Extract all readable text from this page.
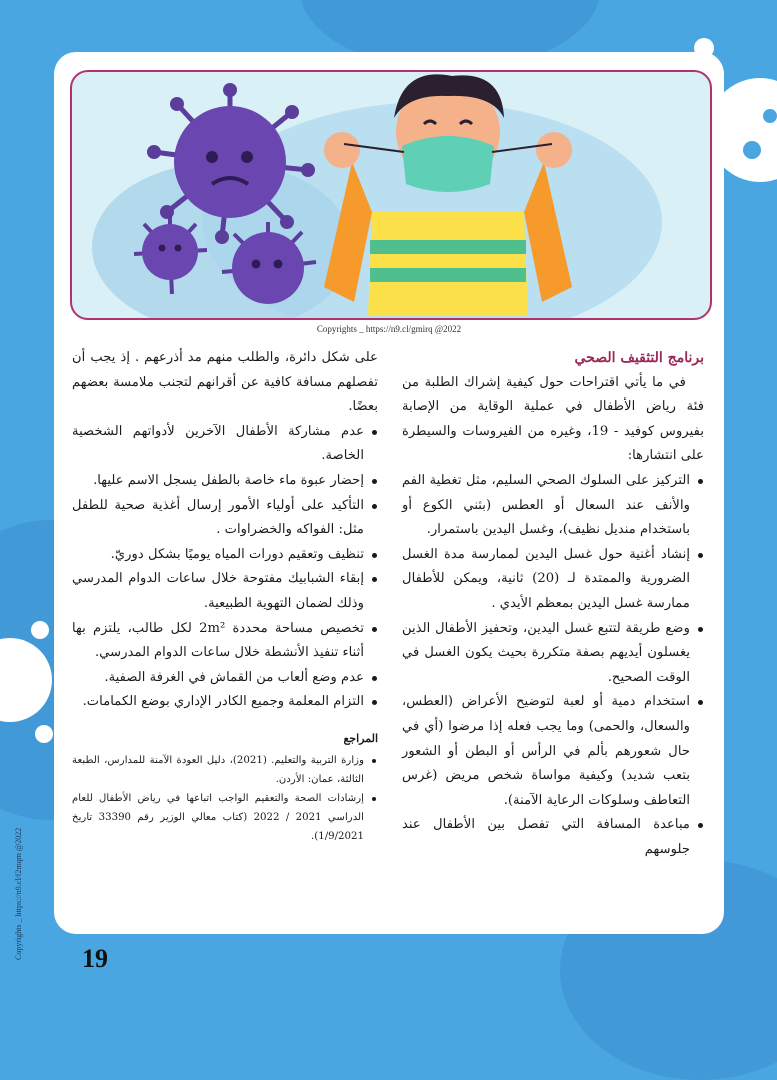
Copyrights _ https://n9.cl/gmirq @2022

برنامج التثقيف الصحي

في ما يأتي اقتراحات حول كيفية إشراك الطلبة من فئة رياض الأطفال في عملية الوقاية من الإصابة بفيروس كوفيد - 19، وغيره من الفيروسات والسيطرة على انتشارها:

التركيز على السلوك الصحي السليم، مثل تغطية الفم والأنف عند السعال أو العطس (بثني الكوع أو باستخدام منديل نظيف)، وغسل اليدين باستمرار.
إنشاد أغنية حول غسل اليدين لممارسة مدة الغسل الضرورية والممتدة لـ (20) ثانية، ويمكن للأطفال ممارسة غسل اليدين بمعظم الأيدي .
وضع طريقة لتتبع غسل اليدين، وتحفيز الأطفال الذين يغسلون أيديهم بصفة متكررة بحيث يكون الغسل في الوقت الصحيح.
استخدام دمية أو لعبة لتوضيح الأعراض (العطس، والسعال، والحمى) وما يجب فعله إذا مرضوا (أي في حال شعورهم بألم في الرأس أو البطن أو الشعور بتعب شديد) وكيفية مواساة شخص مريض (غرس التعاطف وسلوكات الرعاية الآمنة).
مباعدة المسافة التي تفصل بين الأطفال عند جلوسهم

على شكل دائرة، والطلب منهم مد أذرعهم . إذ يجب أن تفصلهم مسافة كافية عن أقرانهم لتجنب ملامسة بعضهم بعضًا.

عدم مشاركة الأطفال الآخرين لأدواتهم الشخصية الخاصة.
إحضار عبوة ماء خاصة بالطفل يسجل الاسم عليها.
التأكيد على أولياء الأمور إرسال أغذية صحية للطفل مثل: الفواكه والخضراوات .
تنظيف وتعقيم دورات المياه يوميًا بشكل دوريّ.
إبقاء الشبابيك مفتوحة خلال ساعات الدوام المدرسي وذلك لضمان التهوية الطبيعية.
تخصيص مساحة محددة 2m² لكل طالب، يلتزم بها أثناء تنفيذ الأنشطة خلال ساعات الدوام المدرسي.
عدم وضع ألعاب من القماش في الغرفة الصفية.
التزام المعلمة وجميع الكادر الإداري بوضع الكمامات.
المراجع
وزارة التربية والتعليم. (2021)، دليل العودة الآمنة للمدارس، الطبعة الثالثة، عمان: الأردن.
إرشادات الصحة والتعقيم الواجب اتباعها في رياض الأطفال للعام الدراسي 2021 / 2022 (كتاب معالي الوزير رقم 33390 تاريخ 1/9/2021).
19
Copyrights _ https://n9.cl/f2mqm @2022
